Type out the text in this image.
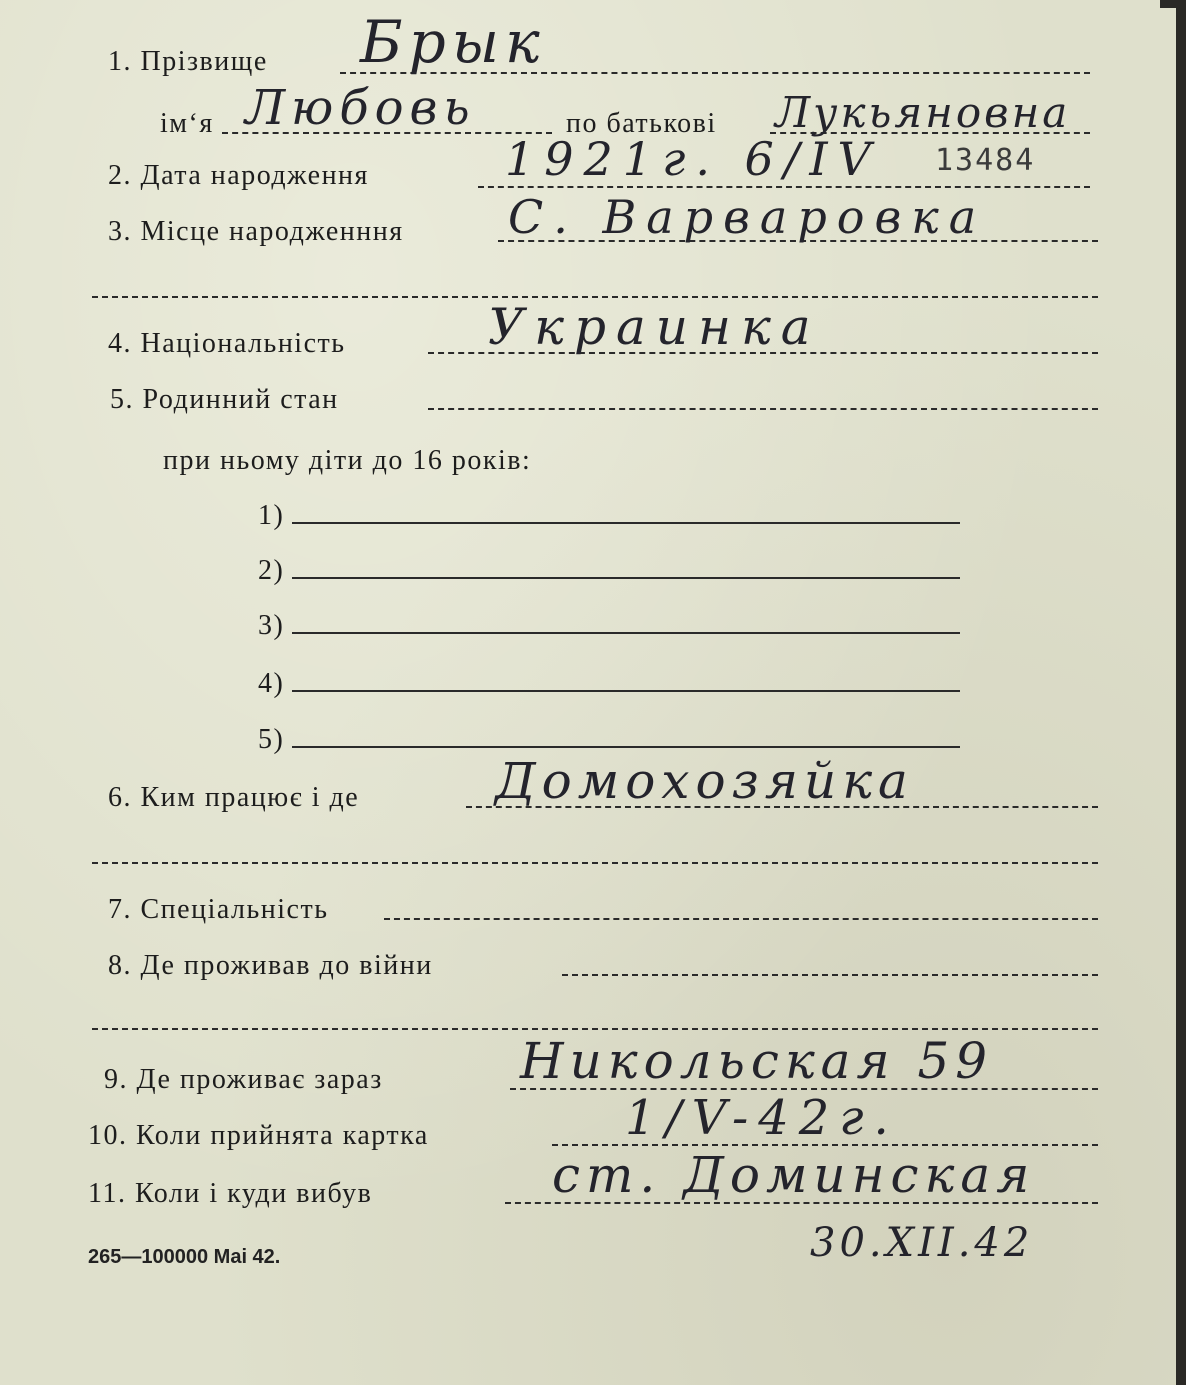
1. Прізвище Брык
ім‘я Любовь	по батькові Лукьяновна
2. Дата народження	1921г. 6/IV 13484
3. Місце народженння С. Варваровка
4. Національність	Украинка
5. Родинний стан
при ньому діти до 16 років:
1)
2)
3)
4)
5)
6. Ким працює і де	Домохозяйка
7. Спеціальність
8. Де проживав до війни
9. Де проживає зараз	Никольская 59
10. Коли прийнята картка	1/V-42г.
11. Коли і куди вибув	ст. Доминская
30.XII.42
265—100000 Mai 42.
